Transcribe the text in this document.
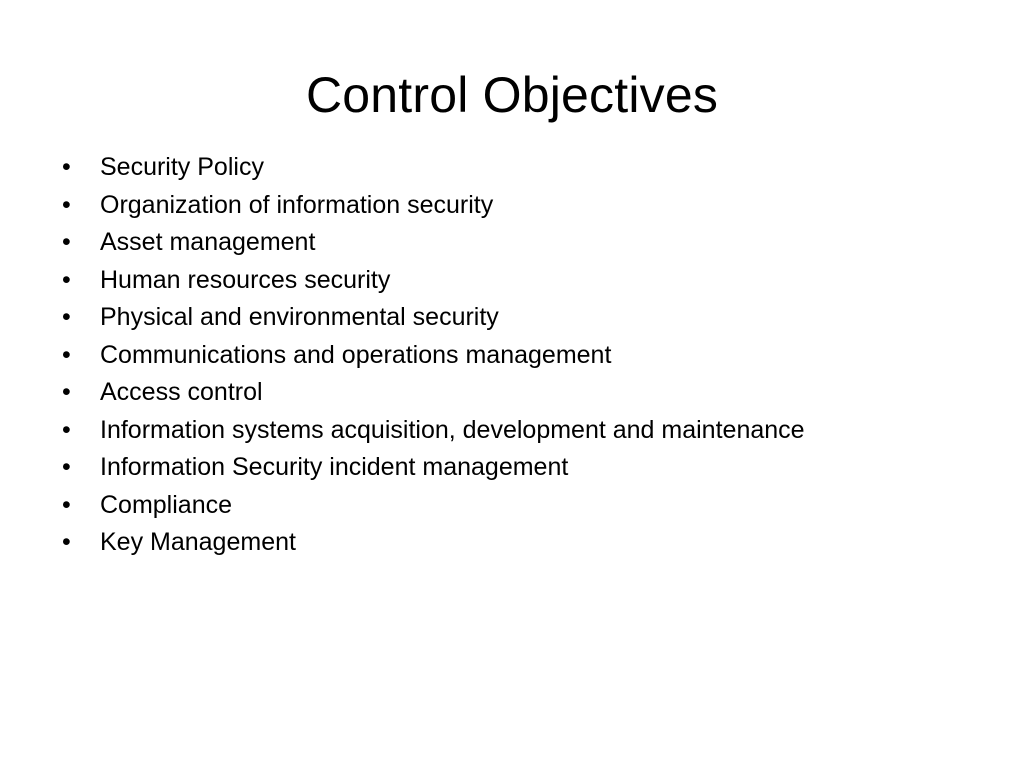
Control Objectives
•	Security Policy
•	Organization of information security
•	Asset management
•	Human resources security
•	Physical and environmental security
•	Communications and operations management
•	Access control
•	Information systems acquisition, development and maintenance
•	Information Security incident management
•	Compliance
•	Key Management
